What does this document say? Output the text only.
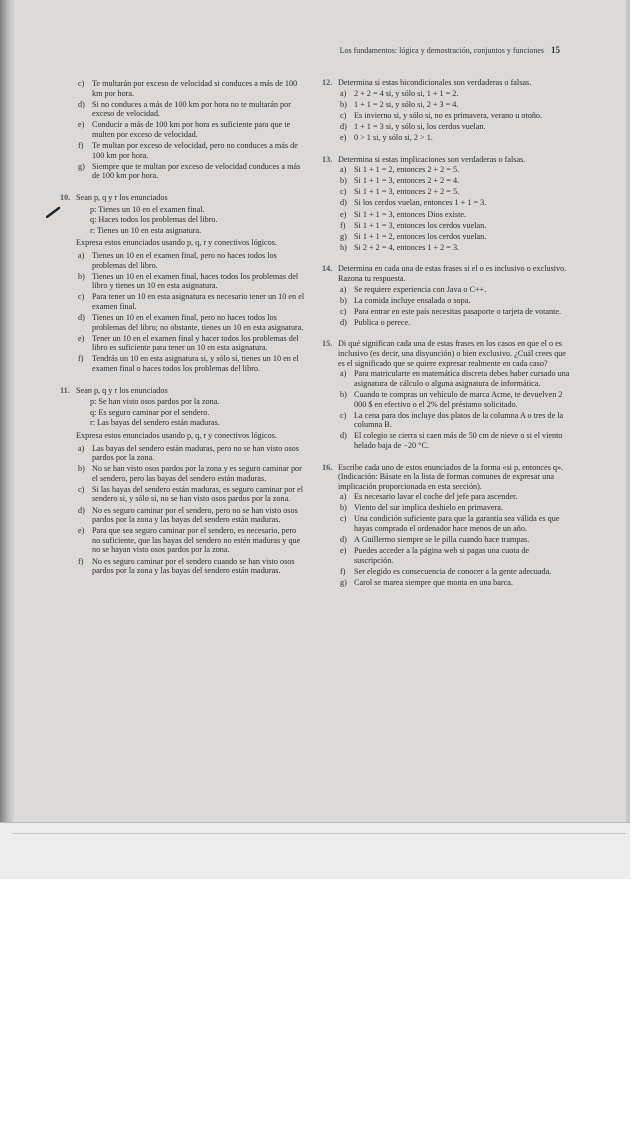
Los fundamentos: lógica y demostración, conjuntos y funciones 15
c) Te multarán por exceso de velocidad si conduces a más de 100 km por hora.
d) Si no conduces a más de 100 km por hora no te multarán por exceso de velocidad.
e) Conducir a más de 100 km por hora es suficiente para que te multen por exceso de velocidad.
f)	Te multan por exceso de velocidad, pero no conduces a más de 100 km por hora.
g) Siempre que te multan por exceso de velocidad conduces a más de 100 km por hora.
10. Sean p, q y r los enunciados
p: Tienes un 10 en el examen final.
q: Haces todos los problemas del libro.
r: Tienes un 10 en esta asignatura.
Expresa estos enunciados usando p, q, r y conectivos lógicos.
a) Tienes un 10 en el examen final, pero no haces todos los problemas del libro.
b) Tienes un 10 en el examen final, haces todos los problemas del libro y tienes un 10 en esta asignatura.
c) Para tener un 10 en esta asignatura es necesario tener un 10 en el examen final.
d) Tienes un 10 en el examen final, pero no haces todos los problemas del libro; no obstante, tienes un 10 en esta asignatura.
e) Tener un 10 en el examen final y hacer todos los problemas del libro es suficiente para tener un 10 en esta asignatura.
f)	Tendrás un 10 en esta asignatura si, y sólo si, tienes un 10 en el examen final o haces todos los problemas del libro.
11. Sean p, q y r los enunciados
p: Se han visto osos pardos por la zona.
q: Es seguro caminar por el sendero.
r: Las bayas del sendero están maduras.
Expresa estos enunciados usando p, q, r y conectivos lógicos.
a) Las bayas del sendero están maduras, pero no se han visto osos pardos por la zona.
b) No se han visto osos pardos por la zona y es seguro caminar por el sendero, pero las bayas del sendero están maduras.
c) Si las bayas del sendero están maduras, es seguro caminar por el sendero si, y sólo si, no se han visto osos pardos por la zona.
d) No es seguro caminar por el sendero, pero no se han visto osos pardos por la zona y las bayas del sendero están maduras.
e) Para que sea seguro caminar por el sendero, es necesario, pero no suficiente, que las bayas del sendero no estén maduras y que no se hayan visto osos pardos por la zona.
f)	No es seguro caminar por el sendero cuando se han visto osos pardos por la zona y las bayas del sendero están maduras.
12. Determina si estas bicondicionales son verdaderas o falsas.
a) 2 + 2 = 4 si, y sólo si, 1 + 1 = 2.
b) 1 + 1 = 2 si, y sólo si, 2 + 3 = 4.
c) Es invierno si, y sólo si, no es primavera, verano u otoño.
d) 1 + 1 = 3 si, y sólo si, los cerdos vuelan.
e) 0 > 1 si, y sólo si, 2 > 1.
13. Determina si estas implicaciones son verdaderas o falsas.
a) Si 1 + 1 = 2, entonces 2 + 2 = 5.
b) Si 1 + 1 = 3, entonces 2 + 2 = 4.
c) Si 1 + 1 = 3, entonces 2 + 2 = 5.
d) Si los cerdos vuelan, entonces 1 + 1 = 3.
e) Si 1 + 1 = 3, entonces Dios existe.
f)	Si 1 + 1 = 3, entonces los cerdos vuelan.
g) Si 1 + 1 = 2, entonces los cerdos vuelan.
h) Si 2 + 2 = 4, entonces 1 + 2 = 3.
14. Determina en cada una de estas frases si el o es inclusivo o exclusivo. Razona tu respuesta.
a) Se requiere experiencia con Java o C++.
b) La comida incluye ensalada o sopa.
c) Para entrar en este país necesitas pasaporte o tarjeta de votante.
d) Publica o perece.
15. Di qué significan cada una de estas frases en los casos en que el o es inclusivo (es decir, una disyunción) o bien exclusivo. ¿Cuál crees que es el significado que se quiere expresar realmente en cada caso?
a) Para matricularte en matemática discreta debes haber cursado una asignatura de cálculo o alguna asignatura de informática.
b) Cuando te compras un vehículo de marca Acme, te devuelven 2 000 $ en efectivo o el 2% del préstamo solicitado.
c) La cena para dos incluye dos platos de la columna A o tres de la columna B.
d) El colegio se cierra si caen más de 50 cm de nieve o si el viento helado baja de −20 °C.
16. Escribe cada uno de estos enunciados de la forma «si p, entonces q». (Indicación: Básate en la lista de formas comunes de expresar una implicación proporcionada en esta sección).
a) Es necesario lavar el coche del jefe para ascender.
b) Viento del sur implica deshielo en primavera.
c) Una condición suficiente para que la garantía sea válida es que hayas comprado el ordenador hace menos de un año.
d) A Guillermo siempre se le pilla cuando hace trampas.
e) Puedes acceder a la página web si pagas una cuota de suscripción.
f)	Ser elegido es consecuencia de conocer a la gente adecuada.
g) Carol se marea siempre que monta en una barca.
